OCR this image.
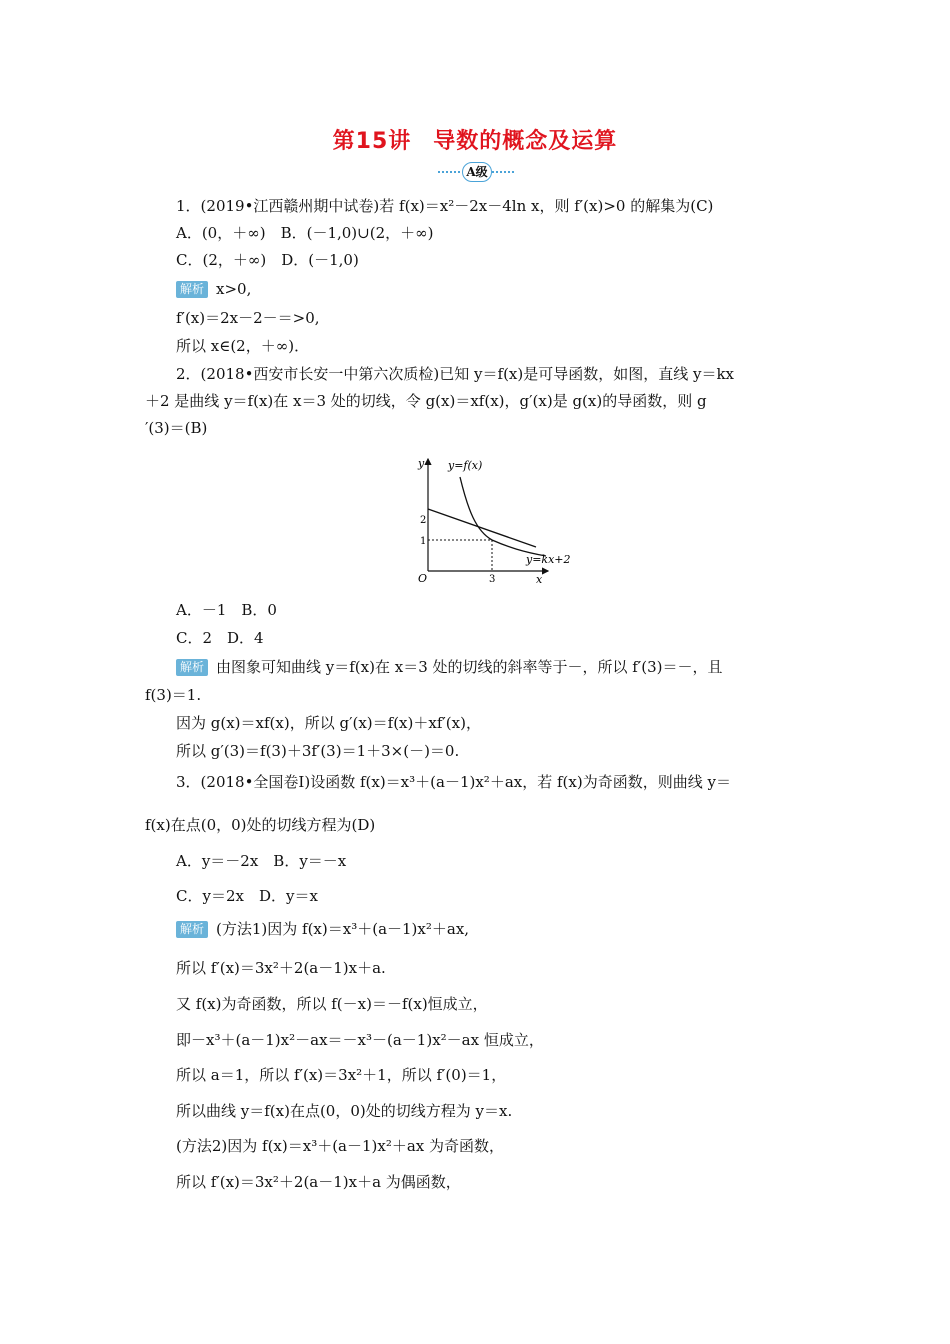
第15讲 导数的概念及运算
A级
1．(2019•江西赣州期中试卷)若 f(x)＝x²－2x－4ln x，则 f′(x)>0 的解集为(C)
A．(0，＋∞)　B．(－1,0)∪(2，＋∞)
C．(2，＋∞)　D．(－1,0)
解析 x>0,
f′(x)＝2x－2－＝>0,
所以 x∈(2，＋∞)．
2．(2018•西安市长安一中第六次质检)已知 y＝f(x)是可导函数，如图，直线 y＝kx
＋2 是曲线 y＝f(x)在 x＝3 处的切线，令 g(x)＝xf(x)，g′(x)是 g(x)的导函数，则 g
′(3)＝(B)
y
x
O
y=f(x)
y=kx+2
2
1
3
A．－1　B．0
C．2　D．4
解析 由图象可知曲线 y＝f(x)在 x＝3 处的切线的斜率等于－，所以 f′(3)＝－，且
f(3)＝1.
因为 g(x)＝xf(x)，所以 g′(x)＝f(x)＋xf′(x)，
所以 g′(3)＝f(3)＋3f′(3)＝1＋3×(－)＝0.
3．(2018•全国卷Ⅰ)设函数 f(x)＝x³＋(a－1)x²＋ax，若 f(x)为奇函数，则曲线 y＝
f(x)在点(0，0)处的切线方程为(D)
A．y＝－2x　B．y＝－x
C．y＝2x　D．y＝x
解析 (方法1)因为 f(x)＝x³＋(a－1)x²＋ax,
所以 f′(x)＝3x²＋2(a－1)x＋a.
又 f(x)为奇函数，所以 f(－x)＝－f(x)恒成立，
即－x³＋(a－1)x²－ax＝－x³－(a－1)x²－ax 恒成立，
所以 a＝1，所以 f′(x)＝3x²＋1，所以 f′(0)＝1，
所以曲线 y＝f(x)在点(0，0)处的切线方程为 y＝x.
(方法2)因为 f(x)＝x³＋(a－1)x²＋ax 为奇函数，
所以 f′(x)＝3x²＋2(a－1)x＋a 为偶函数，
